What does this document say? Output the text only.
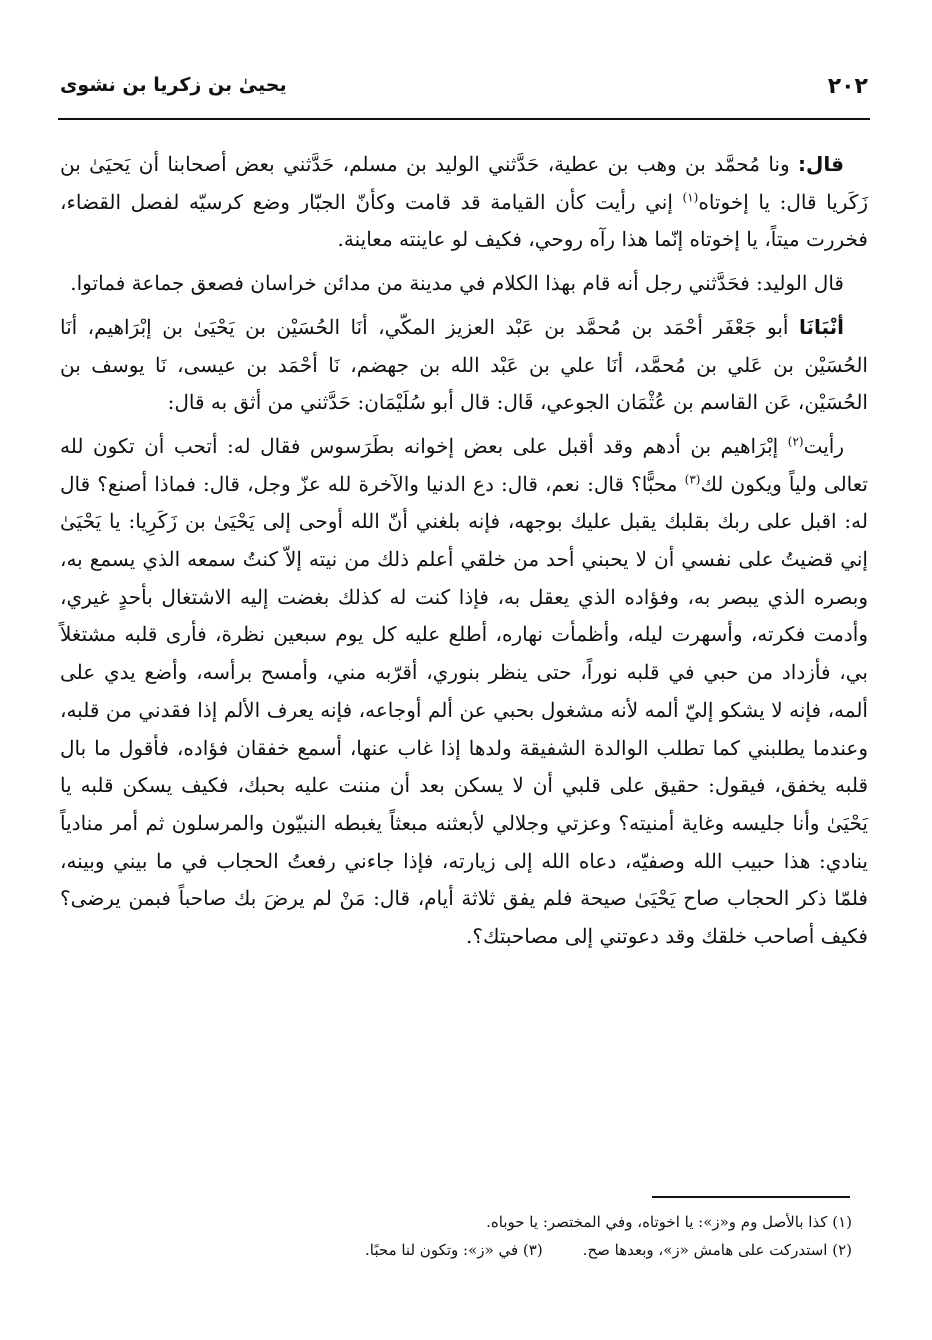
٢٠٢
يحيىٰ بن زكريا بن نشوى

قال: ونا مُحمَّد بن وهب بن عطية، حَدَّثني الوليد بن مسلم، حَدَّثني بعض أصحابنا أن يَحيَىٰ بن زَكَريا قال: يا إخوتاه$^{(١)}$ إني رأيت كأن القيامة قد قامت وكأنّ الجبّار وضع كرسيّه لفصل القضاء، فخررت ميتاً، يا إخوتاه إنّما هذا رآه روحي، فكيف لو عاينته معاينة.

قال الوليد: فحَدَّثني رجل أنه قام بهذا الكلام في مدينة من مدائن خراسان فصعق جماعة فماتوا.

أنْبَانَا أبو جَعْفَر أحْمَد بن مُحمَّد بن عَبْد العزيز المكّي، أنَا الحُسَيْن بن يَحْيَىٰ بن إبْرَاهيم، أنَا الحُسَيْن بن عَلي بن مُحمَّد، أنَا علي بن عَبْد الله بن جهضم، نَا أحْمَد بن عيسى، نَا يوسف بن الحُسَيْن، عَن القاسم بن عُثْمَان الجوعي، قَال: قال أبو سُلَيْمَان: حَدَّثني من أثق به قال:

رأيت$^{(٢)}$ إبْرَاهيم بن أدهم وقد أقبل على بعض إخوانه بطَرَسوس فقال له: أتحب أن تكون لله تعالى ولياً ويكون لك$^{(٣)}$ محبًّا؟ قال: نعم، قال: دع الدنيا والآخرة لله عزّ وجل، قال: فماذا أصنع؟ قال له: اقبل على ربك بقلبك يقبل عليك بوجهه، فإنه بلغني أنّ الله أوحى إلى يَحْيَىٰ بن زَكَرِيا: يا يَحْيَىٰ إني قضيتُ على نفسي أن لا يحبني أحد من خلقي أعلم ذلك من نيته إلاّ كنتُ سمعه الذي يسمع به، وبصره الذي يبصر به، وفؤاده الذي يعقل به، فإذا كنت له كذلك بغضت إليه الاشتغال بأحدٍ غيري، وأدمت فكرته، وأسهرت ليله، وأظمأت نهاره، أطلع عليه كل يوم سبعين نظرة، فأرى قلبه مشتغلاً بي، فأزداد من حبي في قلبه نوراً، حتى ينظر بنوري، أقرّبه مني، وأمسح برأسه، وأضع يدي على ألمه، فإنه لا يشكو إليّ ألمه لأنه مشغول بحبي عن ألم أوجاعه، فإنه يعرف الألم إذا فقدني من قلبه، وعندما يطلبني كما تطلب الوالدة الشفيقة ولدها إذا غاب عنها، أسمع خفقان فؤاده، فأقول ما بال قلبه يخفق، فيقول: حقيق على قلبي أن لا يسكن بعد أن مننت عليه بحبك، فكيف يسكن قلبه يا يَحْيَىٰ وأنا جليسه وغاية أمنيته؟ وعزتي وجلالي لأبعثنه مبعثاً يغبطه النبيّون والمرسلون ثم أمر منادياً ينادي: هذا حبيب الله وصفيّه، دعاه الله إلى زيارته، فإذا جاءني رفعتُ الحجاب في ما بيني وبينه، فلمّا ذكر الحجاب صاح يَحْيَىٰ صيحة فلم يفق ثلاثة أيام، قال: مَنْ لم يرضَ بك صاحباً فبمن يرضى؟ فكيف أصاحب خلقك وقد دعوتني إلى مصاحبتك؟.

(١) كذا بالأصل وم و«ز»: يا اخوتاه، وفي المختصر: يا حوباه.
(٢) استدركت على هامش «ز»، وبعدها صح.(٣) في «ز»: وتكون لنا محبًا.
